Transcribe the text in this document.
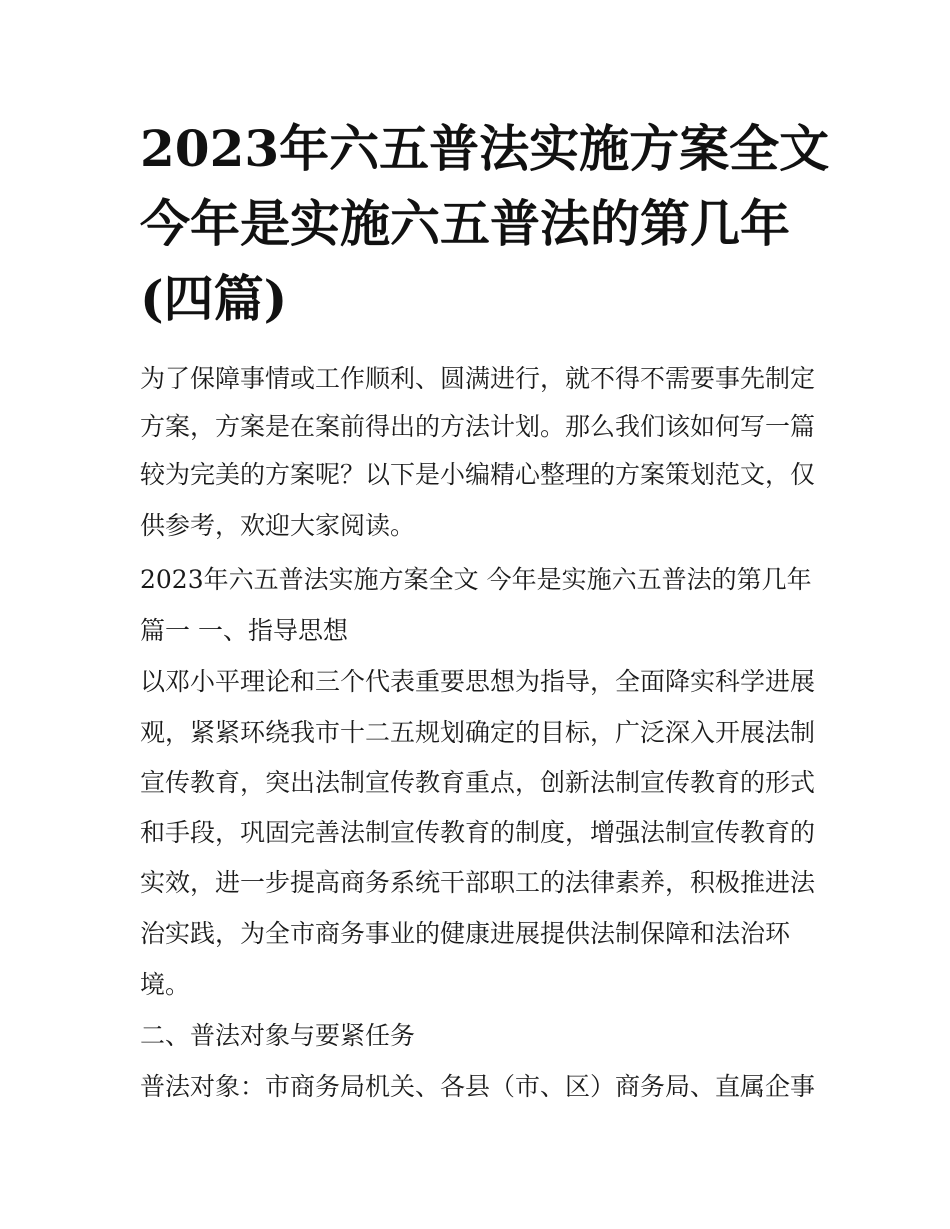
2023年六五普法实施方案全文
今年是实施六五普法的第几年
(四篇)
为了保障事情或工作顺利、圆满进行，就不得不需要事先制定
方案，方案是在案前得出的方法计划。那么我们该如何写一篇
较为完美的方案呢？以下是小编精心整理的方案策划范文，仅
供参考，欢迎大家阅读。
2023年六五普法实施方案全文 今年是实施六五普法的第几年
篇一 一、指导思想
以邓小平理论和三个代表重要思想为指导，全面降实科学进展
观，紧紧环绕我市十二五规划确定的目标，广泛深入开展法制
宣传教育，突出法制宣传教育重点，创新法制宣传教育的形式
和手段，巩固完善法制宣传教育的制度，增强法制宣传教育的
实效，进一步提高商务系统干部职工的法律素养，积极推进法
治实践，为全市商务事业的健康进展提供法制保障和法治环
境。
二、普法对象与要紧任务
普法对象：市商务局机关、各县（市、区）商务局、直属企事
